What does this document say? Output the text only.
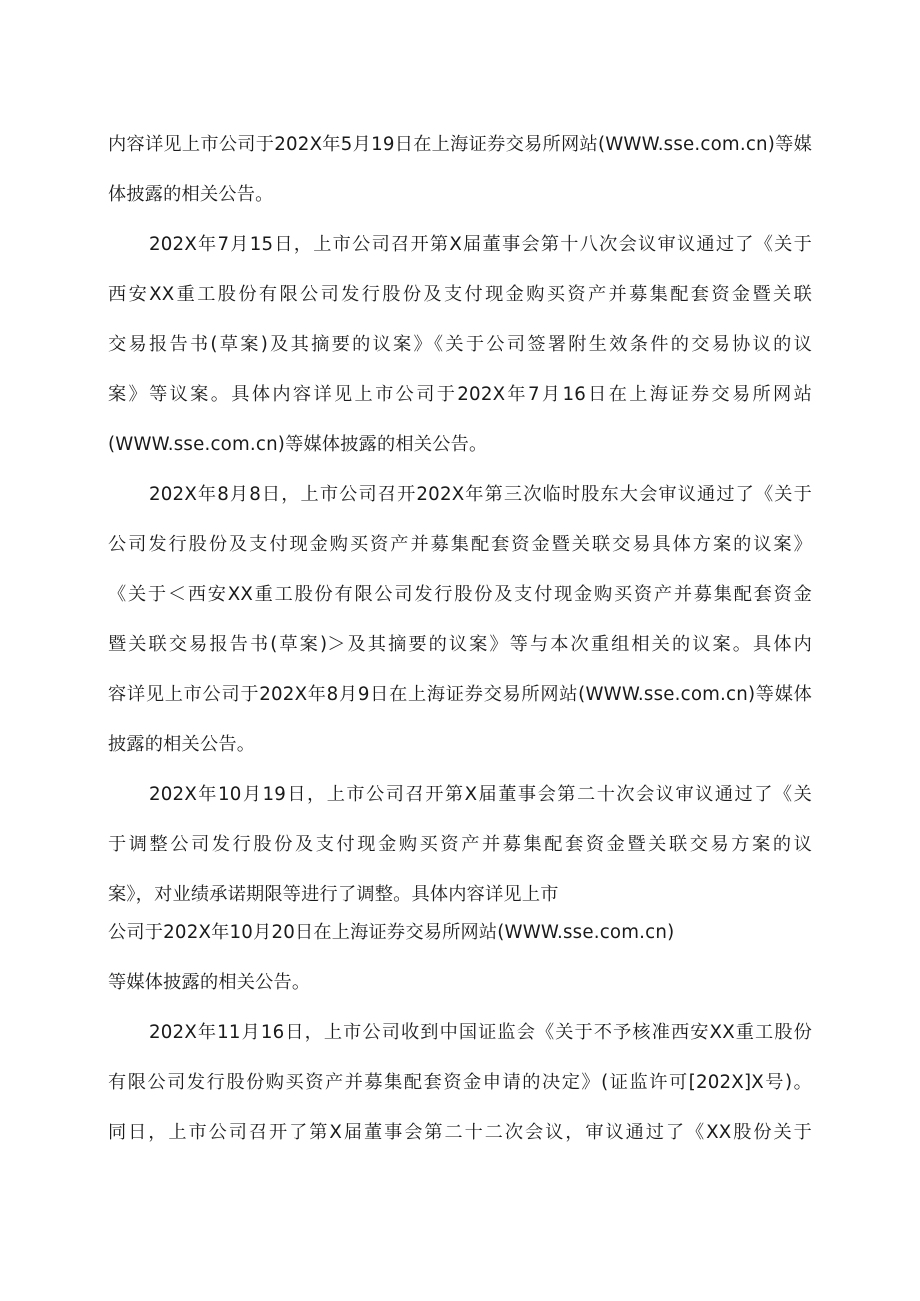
内容详见上市公司于202X年5月19日在上海证券交易所网站(WWW.sse.com.cn)等媒
体披露的相关公告。
202X年7月15日，上市公司召开第X届董事会第十八次会议审议通过了《关于
西安XX重工股份有限公司发行股份及支付现金购买资产并募集配套资金暨关联
交易报告书(草案)及其摘要的议案》《关于公司签署附生效条件的交易协议的议
案》等议案。具体内容详见上市公司于202X年7月16日在上海证券交易所网站
(WWW.sse.com.cn)等媒体披露的相关公告。
202X年8月8日，上市公司召开202X年第三次临时股东大会审议通过了《关于
公司发行股份及支付现金购买资产并募集配套资金暨关联交易具体方案的议案》
《关于＜西安XX重工股份有限公司发行股份及支付现金购买资产并募集配套资金
暨关联交易报告书(草案)＞及其摘要的议案》等与本次重组相关的议案。具体内
容详见上市公司于202X年8月9日在上海证券交易所网站(WWW.sse.com.cn)等媒体
披露的相关公告。
202X年10月19日，上市公司召开第X届董事会第二十次会议审议通过了《关
于调整公司发行股份及支付现金购买资产并募集配套资金暨关联交易方案的议
案》，对业绩承诺期限等进行了调整。具体内容详见上市
公司于202X年10月20日在上海证券交易所网站(WWW.sse.com.cn)
等媒体披露的相关公告。
202X年11月16日，上市公司收到中国证监会《关于不予核准西安XX重工股份
有限公司发行股份购买资产并募集配套资金申请的决定》(证监许可[202X]X号)。
同日，上市公司召开了第X届董事会第二十二次会议，审议通过了《XX股份关于
